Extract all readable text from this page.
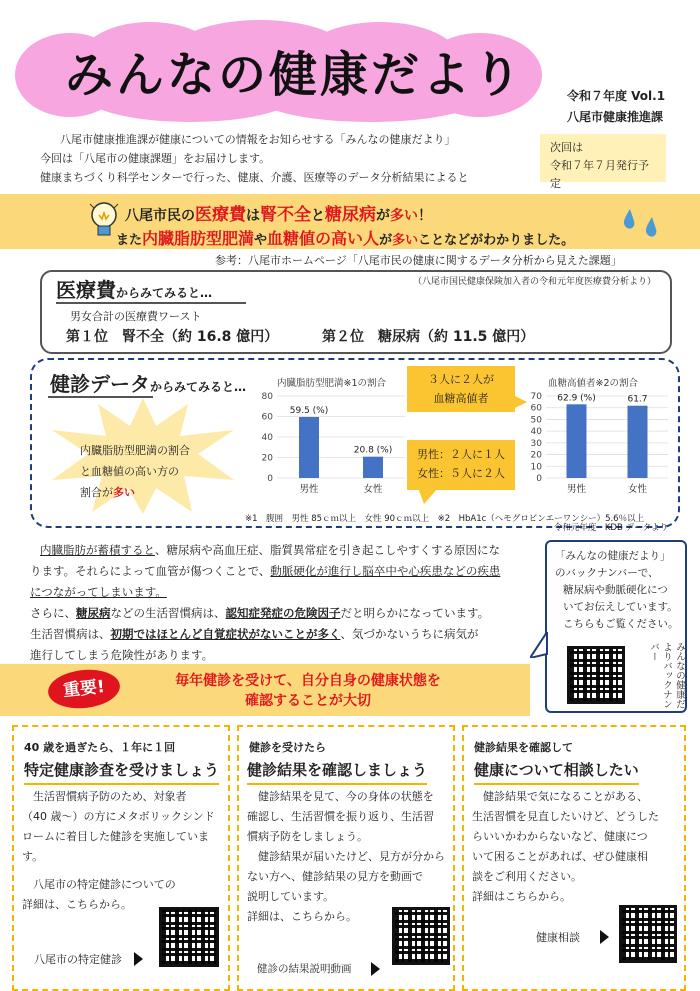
みんなの健康だより	令和７年度 Vol.1
八尾市健康推進課
次回は
令和７年７月発行予定
八尾市健康推進課が健康についての情報をお知らせする「みんなの健康だより」
今回は「八尾市の健康課題」をお届けします。
健康まちづくり科学センターで行った、健康、介護、医療等のデータ分析結果によると
八尾市民の医療費は腎不全と糖尿病が多い！
また内臓脂肪型肥満や血糖値の高い人が多いことなどがわかりました。
参考：八尾市ホームページ「八尾市民の健康に関するデータ分析から見えた課題」
医療費からみてみると…
（八尾市国民健康保険加入者の令和元年度医療費分析より）
男女合計の医療費ワースト
第１位　腎不全（約 16.8 億円）	第２位　糖尿病（約 11.5 億円）
健診データからみてみると…
内臓脂肪型肥満の割合
と血糖値の高い方の
割合が多い
内臓脂肪型肥満※1の割合
0
20
40
60
80
59.5 (%)
男性
20.8 (%)
女性
血糖高値者※2の割合
0
10
20
30
40
50
60
70 62.9 (%)
男性
61.7
女性
３人に２人が
血糖高値者
男性：２人に１人
女性：５人に２人
※1　腹囲　男性 85ｃｍ以上　女性 90ｃｍ以上　※2　HbA1c（ヘモグロビンエーワンシー）5.6％以上
令和元年度　KDB データより

内臓脂肪が蓄積すると、糖尿病や高血圧症、脂質異常症を引き起こしやすくする原因にな

ります。それらによって血管が傷つくことで、動脈硬化が進行し脳卒中や心疾患などの疾患

につながってしまいます。

さらに、糖尿病などの生活習慣病は、認知症発症の危険因子だと明らかになっています。

生活習慣病は、初期ではほとんど自覚症状がないことが多く、気づかないうちに病気が

進行してしまう危険性があります。

「みんなの健康だより」
のバックナンバーで、
糖尿病や動脈硬化につ
いてお伝えしています。
こちらもご覧ください。
みんなの健康だよりバックナンバー
重要!	毎年健診を受けて、自分自身の健康状態を
確認することが大切
40 歳を過ぎたら、１年に１回
特定健康診査を受けましょう
　生活習慣病予防のため、対象者
（40 歳～）の方にメタボリックシンド
ロームに着目した健診を実施していま
す。
　八尾市の特定健診についての
詳細は、こちらから。
八尾市の特定健診
健診を受けたら
健診結果を確認しましょう
　健診結果を見て、今の身体の状態を
確認し、生活習慣を振り返り、生活習
慣病予防をしましょう。
　健診結果が届いたけど、見方が分から
ない方へ、健診結果の見方を動画で
説明しています。
詳細は、こちらから。
健診の結果説明動画
健診結果を確認して
健康について相談したい
　健診結果で気になることがある、
生活習慣を見直したいけど、どうした
らいいかわからないなど、健康につ
いて困ることがあれば、ぜひ健康相
談をご利用ください。
詳細はこちらから。
健康相談
